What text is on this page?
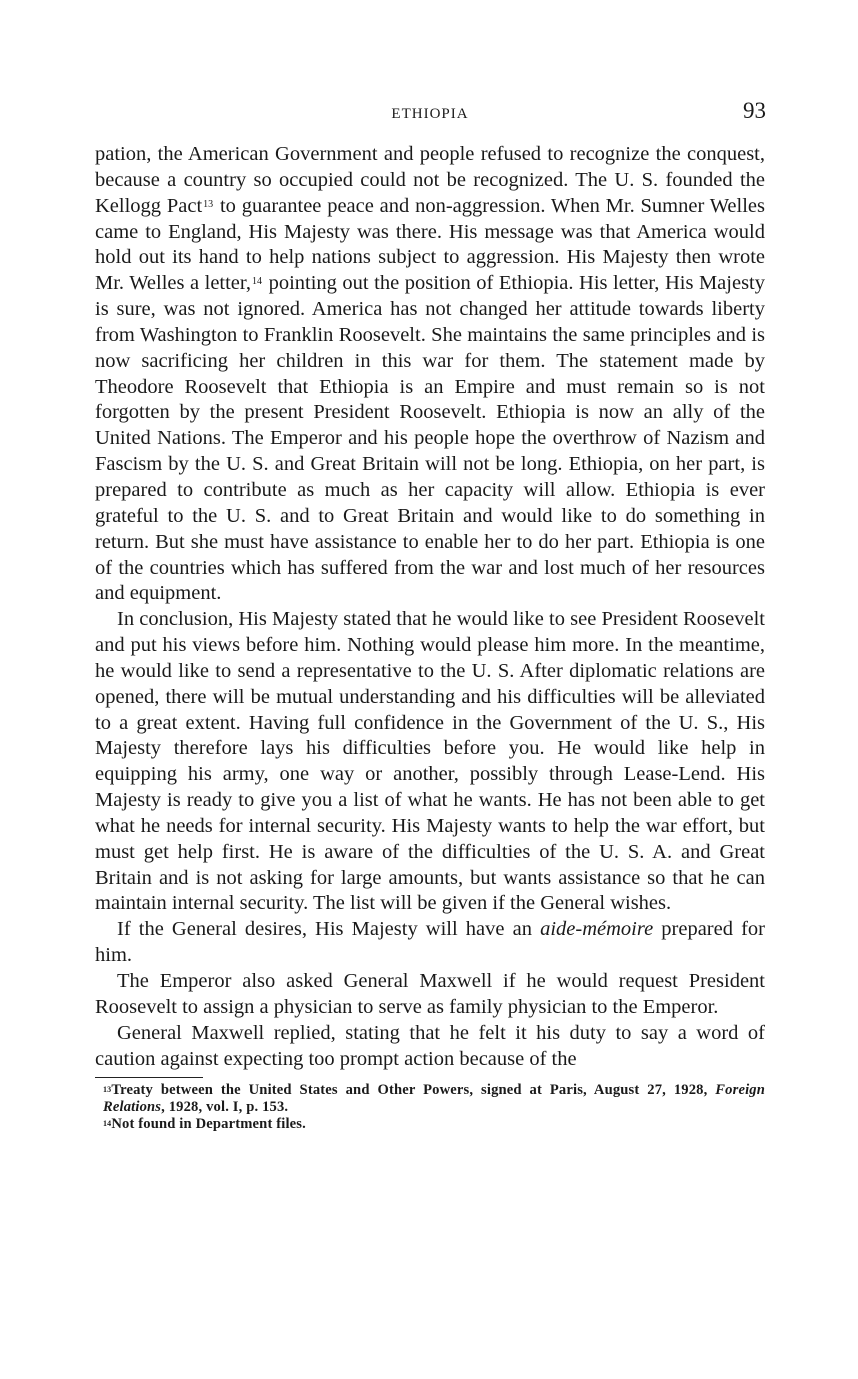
ETHIOPIA	93

pation, the American Government and people refused to recognize the conquest, because a country so occupied could not be recognized. The U. S. founded the Kellogg Pact$^{13}$ to guarantee peace and non-aggression. When Mr. Sumner Welles came to England, His Majesty was there. His message was that America would hold out its hand to help nations subject to aggression. His Majesty then wrote Mr. Welles a letter,$^{14}$ pointing out the position of Ethiopia. His letter, His Majesty is sure, was not ignored. America has not changed her attitude towards liberty from Washington to Franklin Roosevelt. She maintains the same principles and is now sacrificing her children in this war for them. The statement made by Theodore Roosevelt that Ethiopia is an Empire and must remain so is not forgotten by the present President Roosevelt. Ethiopia is now an ally of the United Nations. The Emperor and his people hope the overthrow of Nazism and Fascism by the U. S. and Great Britain will not be long. Ethiopia, on her part, is prepared to contribute as much as her capacity will allow. Ethiopia is ever grateful to the U. S. and to Great Britain and would like to do something in return. But she must have assistance to enable her to do her part. Ethiopia is one of the countries which has suffered from the war and lost much of her resources and equipment.

In conclusion, His Majesty stated that he would like to see President Roosevelt and put his views before him. Nothing would please him more. In the meantime, he would like to send a representative to the U. S. After diplomatic relations are opened, there will be mutual understanding and his difficulties will be alleviated to a great extent. Having full confidence in the Government of the U. S., His Majesty therefore lays his difficulties before you. He would like help in equipping his army, one way or another, possibly through Lease-Lend. His Majesty is ready to give you a list of what he wants. He has not been able to get what he needs for internal security. His Majesty wants to help the war effort, but must get help first. He is aware of the difficulties of the U. S. A. and Great Britain and is not asking for large amounts, but wants assistance so that he can maintain internal security. The list will be given if the General wishes.

If the General desires, His Majesty will have an aide-mémoire prepared for him.

The Emperor also asked General Maxwell if he would request President Roosevelt to assign a physician to serve as family physician to the Emperor.

General Maxwell replied, stating that he felt it his duty to say a word of caution against expecting too prompt action because of the

$^{13}$Treaty between the United States and Other Powers, signed at Paris, August 27, 1928, Foreign Relations, 1928, vol. I, p. 153.

$^{14}$Not found in Department files.
